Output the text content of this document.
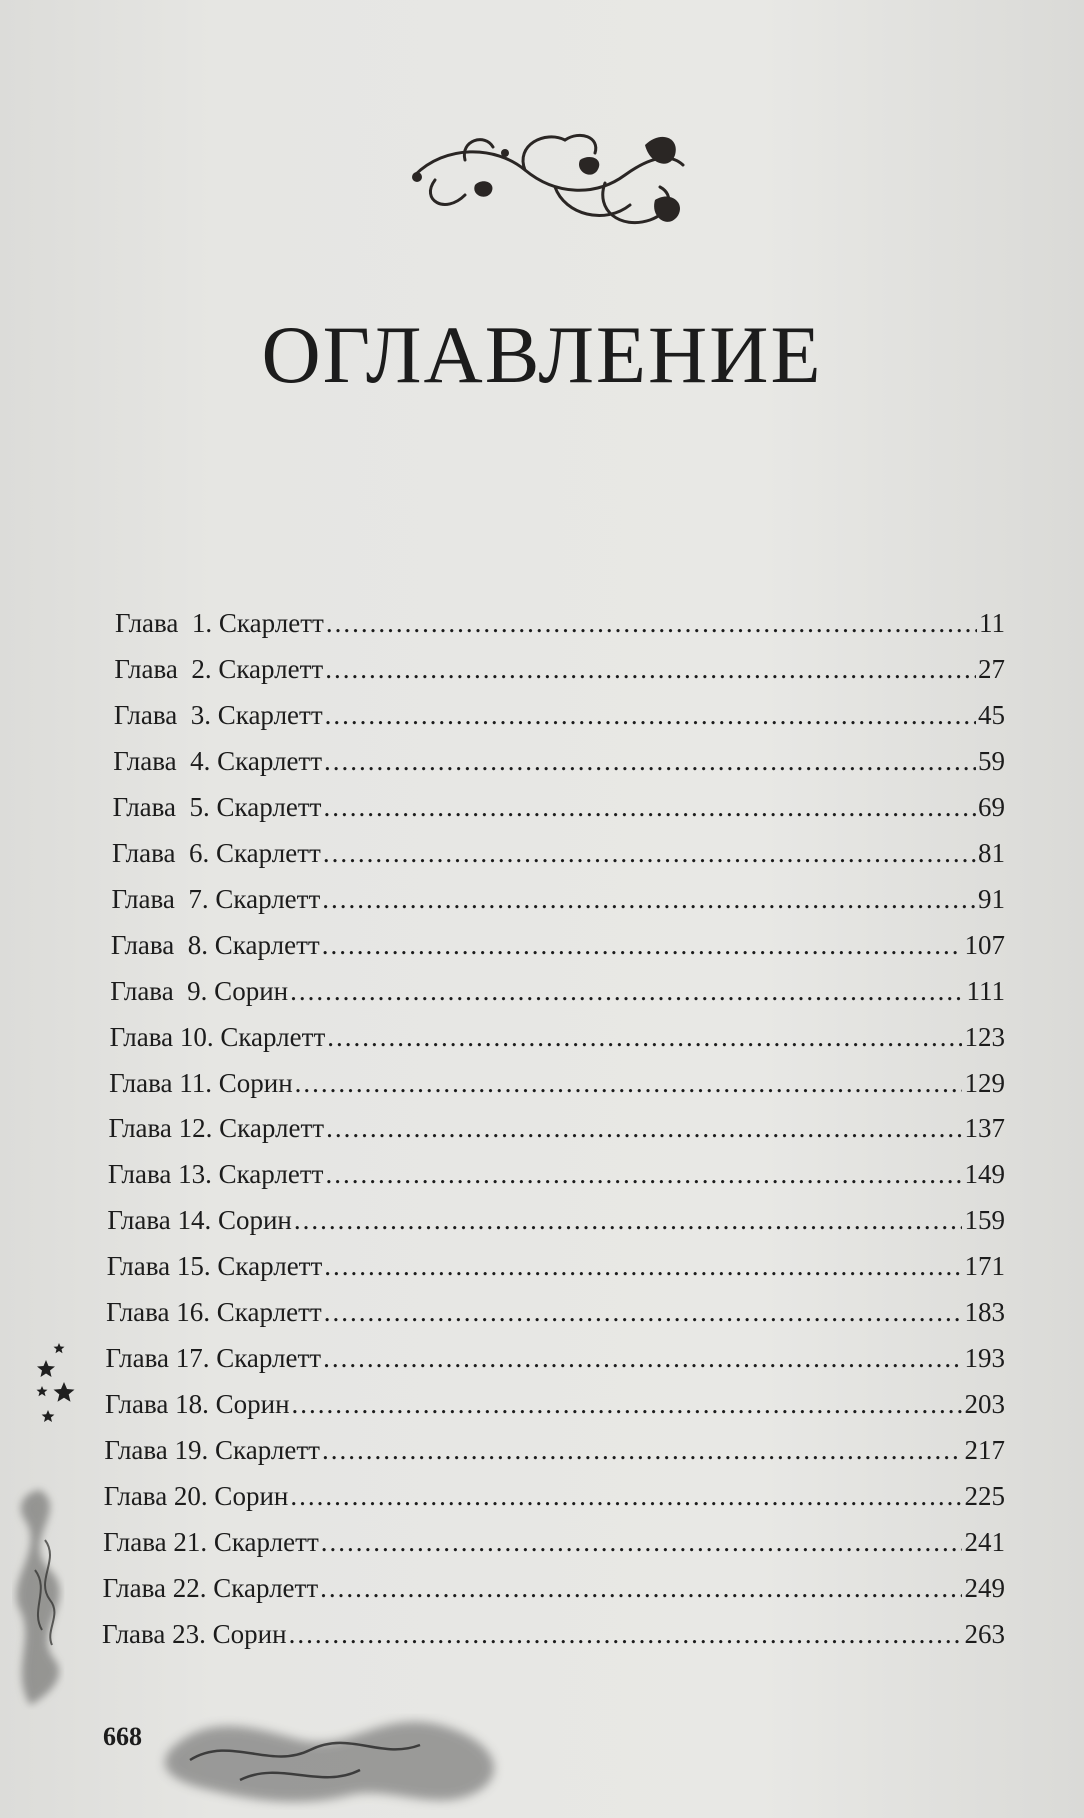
ОГЛАВЛЕНИЕ
Глава  1. Скарлетт .....	11
Глава  2. Скарлетт .....	27
Глава  3. Скарлетт .....	45
Глава  4. Скарлетт .....	59
Глава  5. Скарлетт .....	69
Глава  6. Скарлетт .....	81
Глава  7. Скарлетт .....	91
Глава  8. Скарлетт .....	107
Глава  9. Сорин .....	111
Глава 10. Скарлетт .....	123
Глава 11. Сорин .....	129
Глава 12. Скарлетт .....	137
Глава 13. Скарлетт .....	149
Глава 14. Сорин .....	159
Глава 15. Скарлетт .....	171
Глава 16. Скарлетт .....	183
Глава 17. Скарлетт .....	193
Глава 18. Сорин .....	203
Глава 19. Скарлетт .....	217
Глава 20. Сорин .....	225
Глава 21. Скарлетт .....	241
Глава 22. Скарлетт .....	249
Глава 23. Сорин .....	263
668
